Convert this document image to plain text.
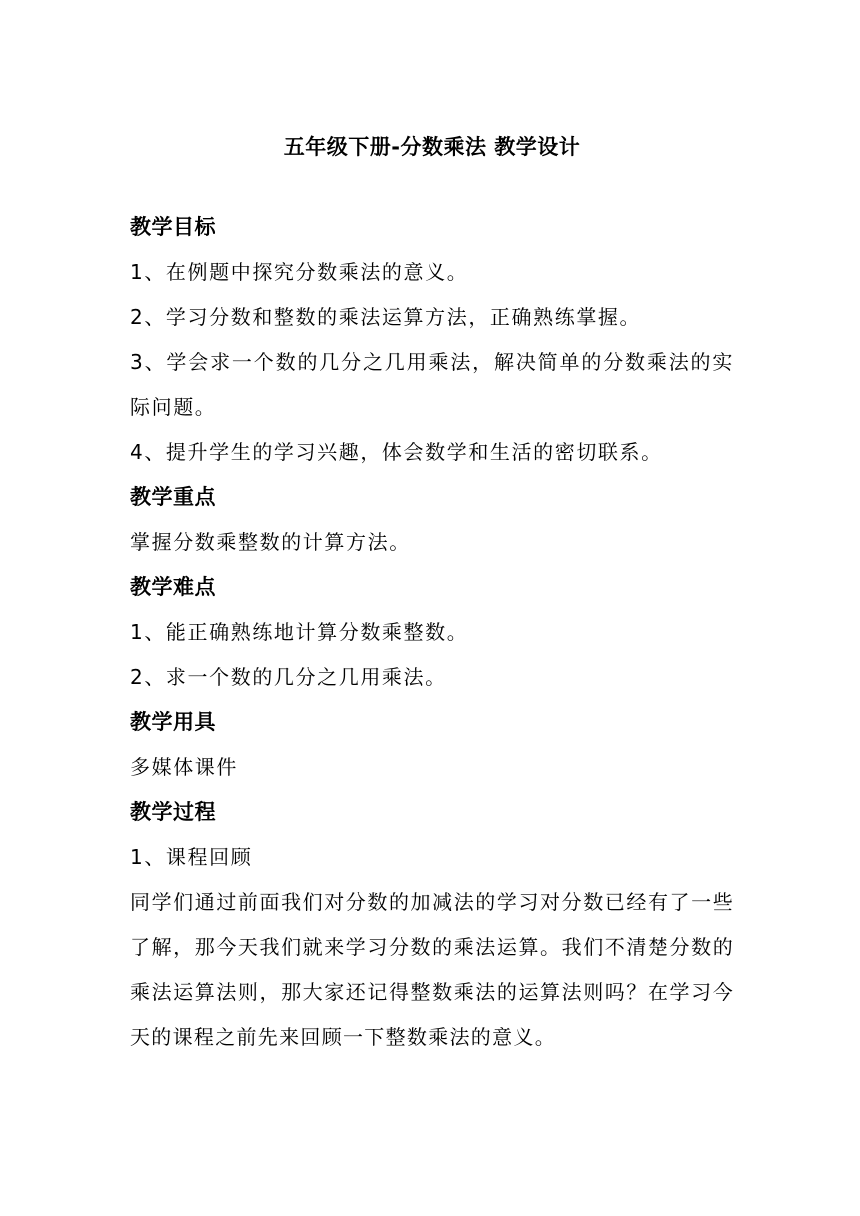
五年级下册-分数乘法 教学设计
教学目标
1、在例题中探究分数乘法的意义。
2、学习分数和整数的乘法运算方法，正确熟练掌握。
3、学会求一个数的几分之几用乘法，解决简单的分数乘法的实际问题。
4、提升学生的学习兴趣，体会数学和生活的密切联系。
教学重点
掌握分数乘整数的计算方法。
教学难点
1、能正确熟练地计算分数乘整数。
2、求一个数的几分之几用乘法。
教学用具
多媒体课件
教学过程
1、课程回顾
同学们通过前面我们对分数的加减法的学习对分数已经有了一些了解，那今天我们就来学习分数的乘法运算。我们不清楚分数的乘法运算法则，那大家还记得整数乘法的运算法则吗？在学习今天的课程之前先来回顾一下整数乘法的意义。
